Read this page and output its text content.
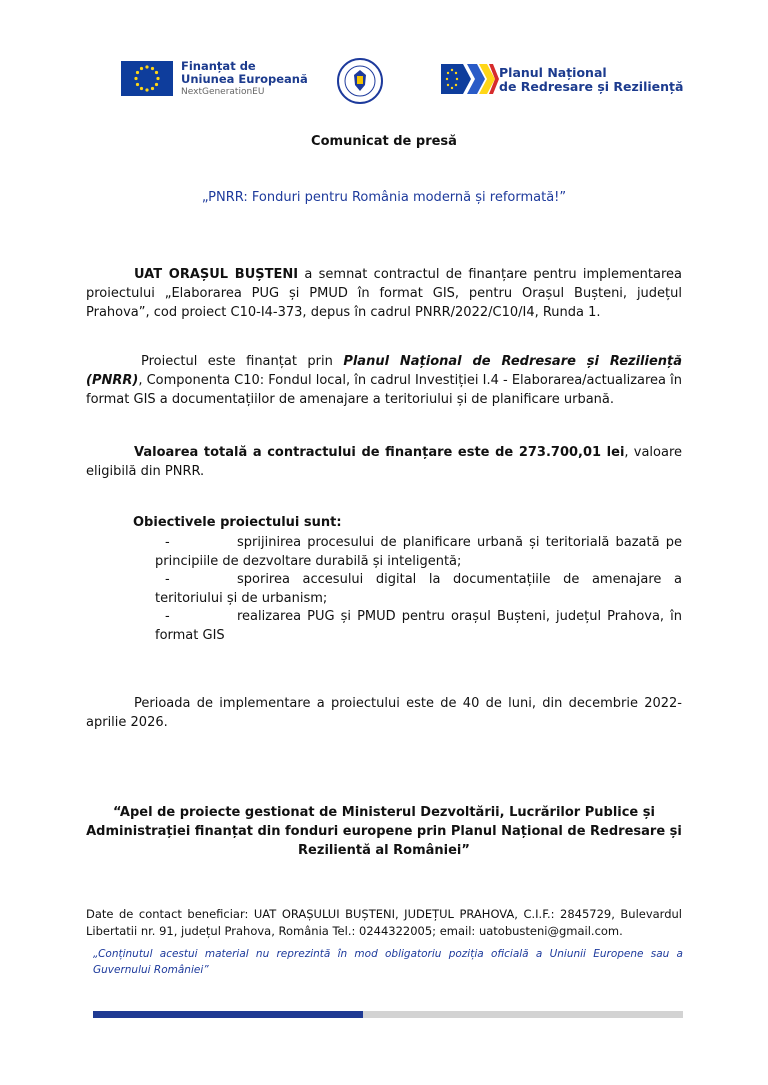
Finanțat de
Uniunea Europeană
NextGenerationEU
Planul Național
de Redresare și Reziliență
Comunicat de presă
„PNRR: Fonduri pentru România modernă și reformată!”
UAT ORAȘUL BUȘTENI a semnat contractul de finanțare pentru implementarea proiectului „Elaborarea PUG și PMUD în format GIS, pentru Orașul Bușteni, județul Prahova”, cod proiect C10-I4-373, depus în cadrul PNRR/2022/C10/I4, Runda 1.
Proiectul este finanțat prin Planul Național de Redresare și Reziliență (PNRR), Componenta C10: Fondul local, în cadrul Investiției I.4 - Elaborarea/actualizarea în format GIS a documentațiilor de amenajare a teritoriului și de planificare urbană.
Valoarea totală a contractului de finanțare este de 273.700,01 lei, valoare eligibilă din PNRR.
Obiectivele proiectului sunt:
-	sprijinirea procesului de planificare urbană și teritorială bazată pe principiile de dezvoltare durabilă și inteligentă;
-	sporirea accesului digital la documentațiile de amenajare a teritoriului și de urbanism;
-	realizarea PUG și PMUD pentru orașul Bușteni, județul Prahova, în format GIS
Perioada de implementare a proiectului este de 40 de luni, din decembrie 2022- aprilie 2026.
“Apel de proiecte gestionat de Ministerul Dezvoltării, Lucrărilor Publice și Administrației finanțat din fonduri europene prin Planul Național de Redresare și Rezilientă al României”
Date de contact beneficiar: UAT ORAȘULUI BUȘTENI, JUDEȚUL PRAHOVA, C.I.F.: 2845729, Bulevardul Libertatii nr. 91, județul Prahova, România Tel.: 0244322005; email: uatobusteni@gmail.com.
„Conținutul acestui material nu reprezintă în mod obligatoriu poziția oficială a Uniunii Europene sau a Guvernului României”
